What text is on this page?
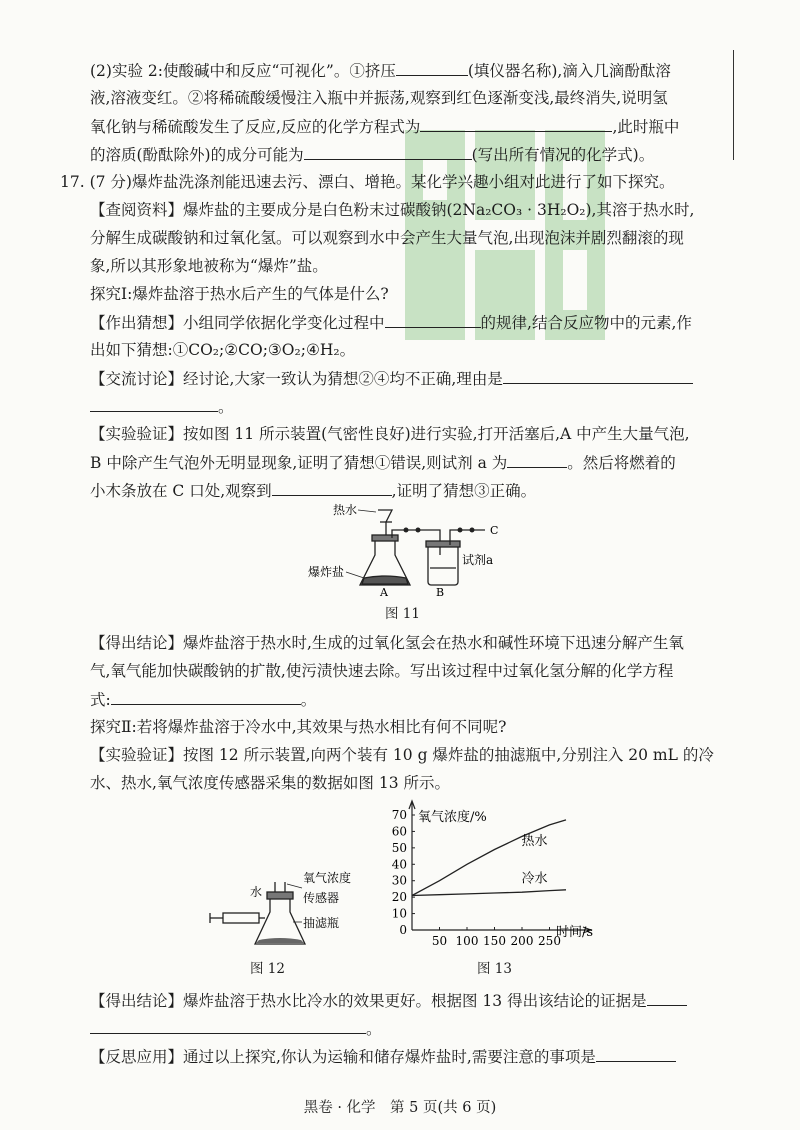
(2)实验 2:使酸碱中和反应“可视化”。①挤压	(填仪器名称),滴入几滴酚酞溶
液,溶液变红。②将稀硫酸缓慢注入瓶中并振荡,观察到红色逐渐变浅,最终消失,说明氢
氧化钠与稀硫酸发生了反应,反应的化学方程式为	,此时瓶中
的溶质(酚酞除外)的成分可能为	(写出所有情况的化学式)。
17. (7 分)爆炸盐洗涤剂能迅速去污、漂白、增艳。某化学兴趣小组对此进行了如下探究。
【查阅资料】爆炸盐的主要成分是白色粉末过碳酸钠(2Na₂CO₃ · 3H₂O₂),其溶于热水时,
分解生成碳酸钠和过氧化氢。可以观察到水中会产生大量气泡,出现泡沫并剧烈翻滚的现
象,所以其形象地被称为“爆炸”盐。
探究Ⅰ:爆炸盐溶于热水后产生的气体是什么?
【作出猜想】小组同学依据化学变化过程中	的规律,结合反应物中的元素,作
出如下猜想:①CO₂;②CO;③O₂;④H₂。
【交流讨论】经讨论,大家一致认为猜想②④均不正确,理由是
。
【实验验证】按如图 11 所示装置(气密性良好)进行实验,打开活塞后,A 中产生大量气泡,
B 中除产生气泡外无明显现象,证明了猜想①错误,则试剂 a 为	。然后将燃着的
小木条放在 C 口处,观察到	,证明了猜想③正确。
热水
爆炸盐
A	B
C
试剂a
图 11
【得出结论】爆炸盐溶于热水时,生成的过氧化氢会在热水和碱性环境下迅速分解产生氧
气,氧气能加快碳酸钠的扩散,使污渍快速去除。写出该过程中过氧化氢分解的化学方程
式:	。
探究Ⅱ:若将爆炸盐溶于冷水中,其效果与热水相比有何不同呢?
【实验验证】按图 12 所示装置,向两个装有 10 g 爆炸盐的抽滤瓶中,分别注入 20 mL 的冷
水、热水,氧气浓度传感器采集的数据如图 13 所示。
水
氧气浓度
传感器
抽滤瓶
图 12
0
10
20
30
40
50
60
70
50 100 150 200 250
热水
冷水
氧气浓度/%
时间/s
图 13
【得出结论】爆炸盐溶于热水比冷水的效果更好。根据图 13 得出该结论的证据是
。
【反思应用】通过以上探究,你认为运输和储存爆炸盐时,需要注意的事项是
黑卷 · 化学　第 5 页(共 6 页)
